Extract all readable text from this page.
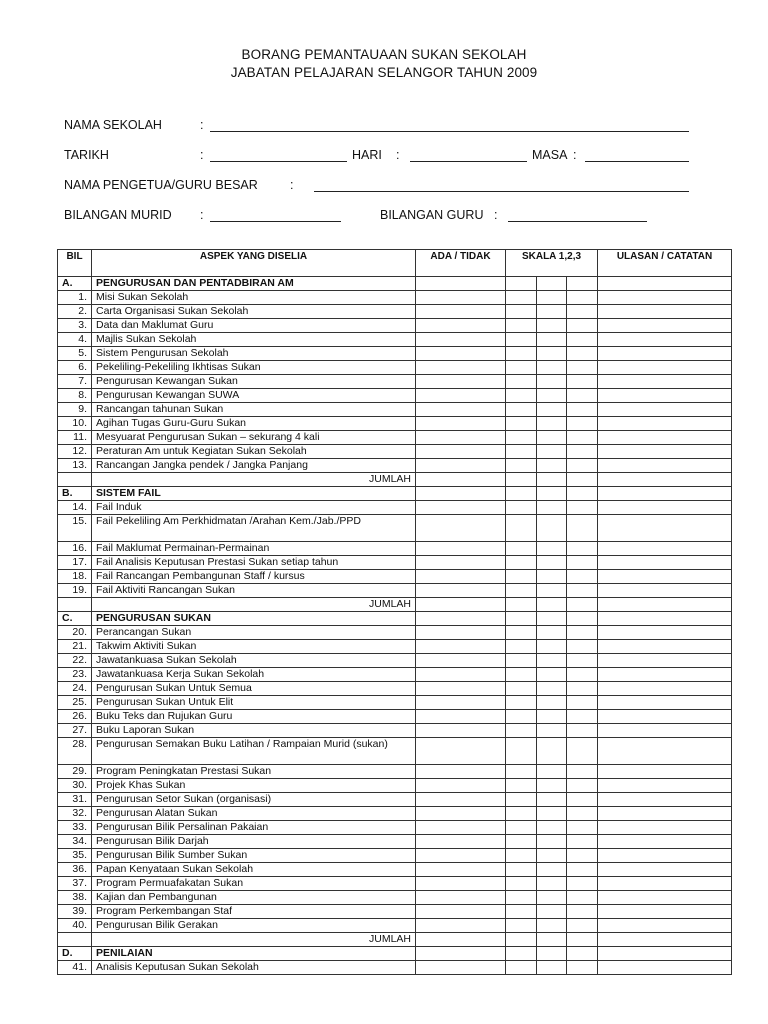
BORANG PEMANTAUAAN SUKAN SEKOLAH
JABATAN PELAJARAN SELANGOR TAHUN 2009
NAMA SEKOLAH	:
TARIKH	:	HARI :	MASA :
NAMA PENGETUA/GURU BESAR	:
BILANGAN MURID :	BILANGAN GURU :
BIL	ASPEK YANG DISELIA	ADA / TIDAK	SKALA 1,2,3	ULASAN / CATATAN
A.	PENGURUSAN DAN PENTADBIRAN AM		

1.	Misi Sukan Sekolah		

2.	Carta Organisasi Sukan Sekolah		

3.	Data dan Maklumat Guru		

4.	Majlis Sukan Sekolah		

5.	Sistem Pengurusan Sekolah		

6.	Pekeliling-Pekeliling Ikhtisas Sukan		

7.	Pengurusan Kewangan Sukan		

8.	Pengurusan Kewangan SUWA		

9.	Rancangan tahunan Sukan		

10.	Agihan Tugas Guru-Guru Sukan		

11.	Mesyuarat Pengurusan Sukan – sekurang 4 kali		

12.	Peraturan Am untuk Kegiatan Sukan Sekolah		

13.	Rancangan Jangka pendek / Jangka Panjang		

	JUMLAH		

B.	SISTEM FAIL		

14.	Fail Induk		

15.	Fail Pekeliling Am Perkhidmatan /Arahan Kem./Jab./PPD		

16.	Fail Maklumat Permainan-Permainan		

17.	Fail Analisis Keputusan Prestasi Sukan setiap tahun		

18.	Fail Rancangan Pembangunan Staff / kursus		

19.	Fail Aktiviti Rancangan Sukan		

	JUMLAH		

C.	PENGURUSAN SUKAN		

20.	Perancangan Sukan		

21.	Takwim Aktiviti Sukan		

22.	Jawatankuasa Sukan Sekolah		

23.	Jawatankuasa Kerja Sukan Sekolah		

24.	Pengurusan Sukan Untuk Semua		

25.	Pengurusan Sukan Untuk Elit		

26.	Buku Teks dan Rujukan Guru		

27.	Buku Laporan Sukan		

28.	Pengurusan Semakan Buku Latihan / Rampaian Murid (sukan)		

29.	Program Peningkatan Prestasi Sukan		

30.	Projek Khas Sukan		

31.	Pengurusan Setor Sukan (organisasi)		

32.	Pengurusan Alatan Sukan		

33.	Pengurusan Bilik Persalinan Pakaian		

34.	Pengurusan Bilik Darjah		

35.	Pengurusan Bilik Sumber Sukan		

36.	Papan Kenyataan Sukan Sekolah		

37.	Program Permuafakatan Sukan		

38.	Kajian dan Pembangunan		

39.	Program Perkembangan Staf		

40.	Pengurusan Bilik Gerakan		

	JUMLAH		

D.	PENILAIAN		

41.	Analisis Keputusan Sukan Sekolah		
